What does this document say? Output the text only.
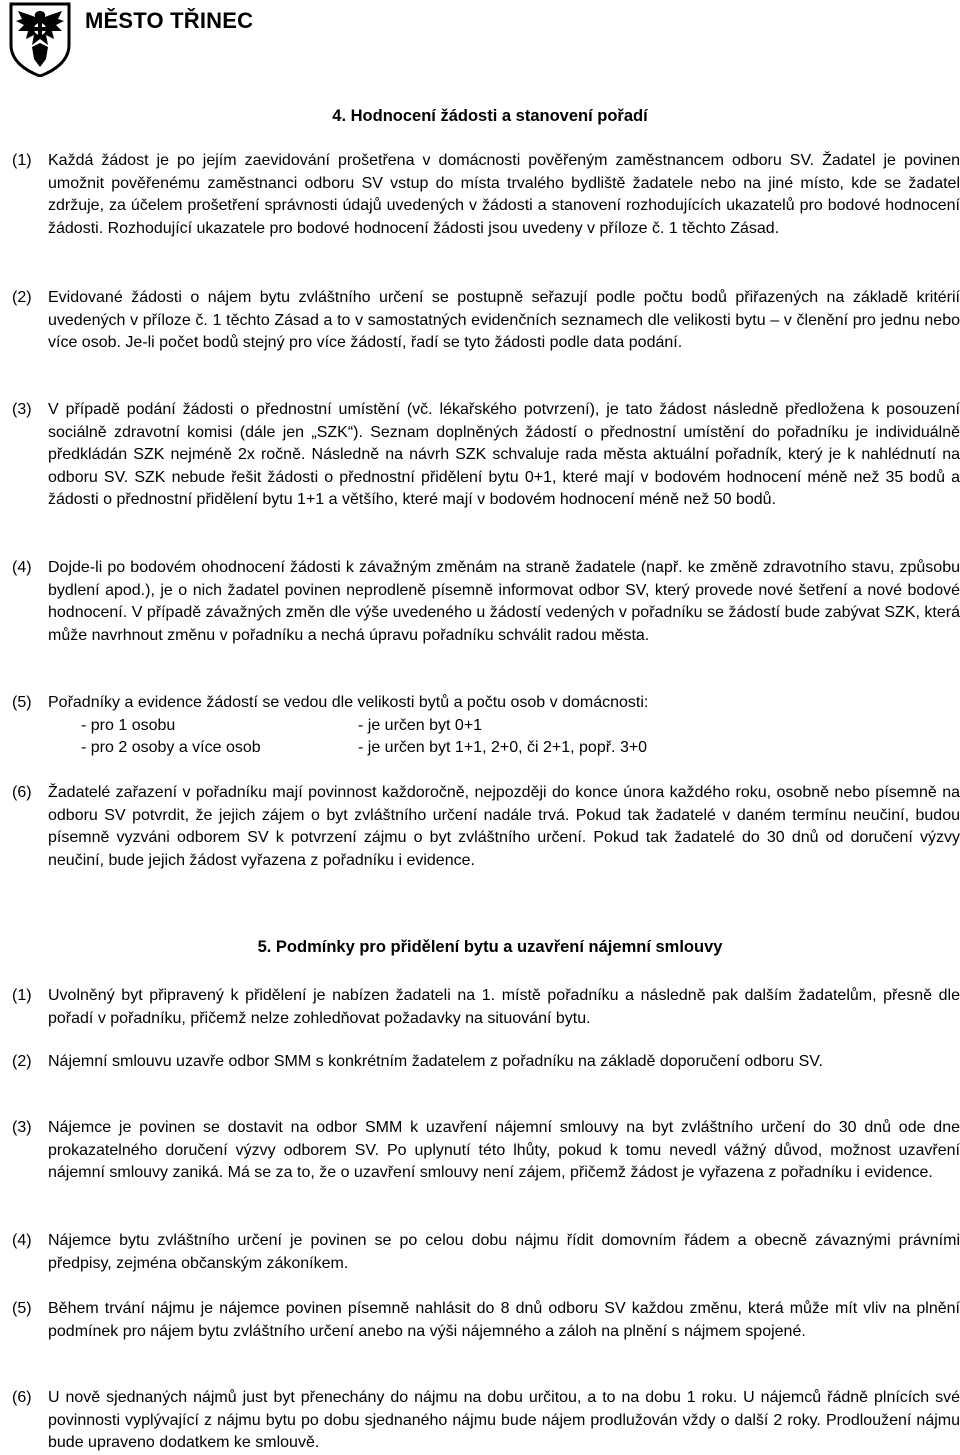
MĚSTO TŘINEC
4. Hodnocení žádosti a stanovení pořadí
(1) Každá žádost je po jejím zaevidování prošetřena v domácnosti pověřeným zaměstnancem odboru SV. Žadatel je povinen umožnit pověřenému zaměstnanci odboru SV vstup do místa trvalého bydliště žadatele nebo na jiné místo, kde se žadatel zdržuje, za účelem prošetření správnosti údajů uvedených v žádosti a stanovení rozhodujících ukazatelů pro bodové hodnocení žádosti. Rozhodující ukazatele pro bodové hodnocení žádosti jsou uvedeny v příloze č. 1 těchto Zásad.
(2) Evidované žádosti o nájem bytu zvláštního určení se postupně seřazují podle počtu bodů přiřazených na základě kritérií uvedených v příloze č. 1 těchto Zásad a to v samostatných evidenčních seznamech dle velikosti bytu – v členění pro jednu nebo více osob. Je-li počet bodů stejný pro více žádostí, řadí se tyto žádosti podle data podání.
(3) V případě podání žádosti o přednostní umístění (vč. lékařského potvrzení), je tato žádost následně předložena k posouzení sociálně zdravotní komisi (dále jen „SZK“). Seznam doplněných žádostí o přednostní umístění do pořadníku je individuálně předkládán SZK nejméně 2x ročně. Následně na návrh SZK schvaluje rada města aktuální pořadník, který je k nahlédnutí na odboru SV. SZK nebude řešit žádosti o přednostní přidělení bytu 0+1, které mají v bodovém hodnocení méně než 35 bodů a žádosti o přednostní přidělení bytu 1+1 a většího, které mají v bodovém hodnocení méně než 50 bodů.
(4) Dojde-li po bodovém ohodnocení žádosti k závažným změnám na straně žadatele (např. ke změně zdravotního stavu, způsobu bydlení apod.), je o nich žadatel povinen neprodleně písemně informovat odbor SV, který provede nové šetření a nové bodové hodnocení. V případě závažných změn dle výše uvedeného u žádostí vedených v pořadníku se žádostí bude zabývat SZK, která může navrhnout změnu v pořadníku a nechá úpravu pořadníku schválit radou města.
(5) Pořadníky a evidence žádostí se vedou dle velikosti bytů a počtu osob v domácnosti:
- pro 1 osobu	- je určen byt 0+1
- pro 2 osoby a více osob	- je určen byt 1+1, 2+0, či 2+1, popř. 3+0
(6) Žadatelé zařazení v pořadníku mají povinnost každoročně, nejpozději do konce února každého roku, osobně nebo písemně na odboru SV potvrdit, že jejich zájem o byt zvláštního určení nadále trvá. Pokud tak žadatelé v daném termínu neučiní, budou písemně vyzváni odborem SV k potvrzení zájmu o byt zvláštního určení. Pokud tak žadatelé do 30 dnů od doručení výzvy neučiní, bude jejich žádost vyřazena z pořadníku i evidence.
5. Podmínky pro přidělení bytu a uzavření nájemní smlouvy
(1) Uvolněný byt připravený k přidělení je nabízen žadateli na 1. místě pořadníku a následně pak dalším žadatelům, přesně dle pořadí v pořadníku, přičemž nelze zohledňovat požadavky na situování bytu.
(2) Nájemní smlouvu uzavře odbor SMM s konkrétním žadatelem z pořadníku na základě doporučení odboru SV.
(3) Nájemce je povinen se dostavit na odbor SMM k uzavření nájemní smlouvy na byt zvláštního určení do 30 dnů ode dne prokazatelného doručení výzvy odborem SV. Po uplynutí této lhůty, pokud k tomu nevedl vážný důvod, možnost uzavření nájemní smlouvy zaniká. Má se za to, že o uzavření smlouvy není zájem, přičemž žádost je vyřazena z pořadníku i evidence.
(4) Nájemce bytu zvláštního určení je povinen se po celou dobu nájmu řídit domovním řádem a obecně závaznými právními předpisy, zejména občanským zákoníkem.
(5) Během trvání nájmu je nájemce povinen písemně nahlásit do 8 dnů odboru SV každou změnu, která může mít vliv na plnění podmínek pro nájem bytu zvláštního určení anebo na výši nájemného a záloh na plnění s nájmem spojené.
(6) U nově sjednaných nájmů just byt přenechány do nájmu na dobu určitou, a to na dobu 1 roku. U nájemců řádně plnících své povinnosti vyplývající z nájmu bytu po dobu sjednaného nájmu bude nájem prodlužován vždy o další 2 roky. Prodloužení nájmu bude upraveno dodatkem ke smlouvě.
